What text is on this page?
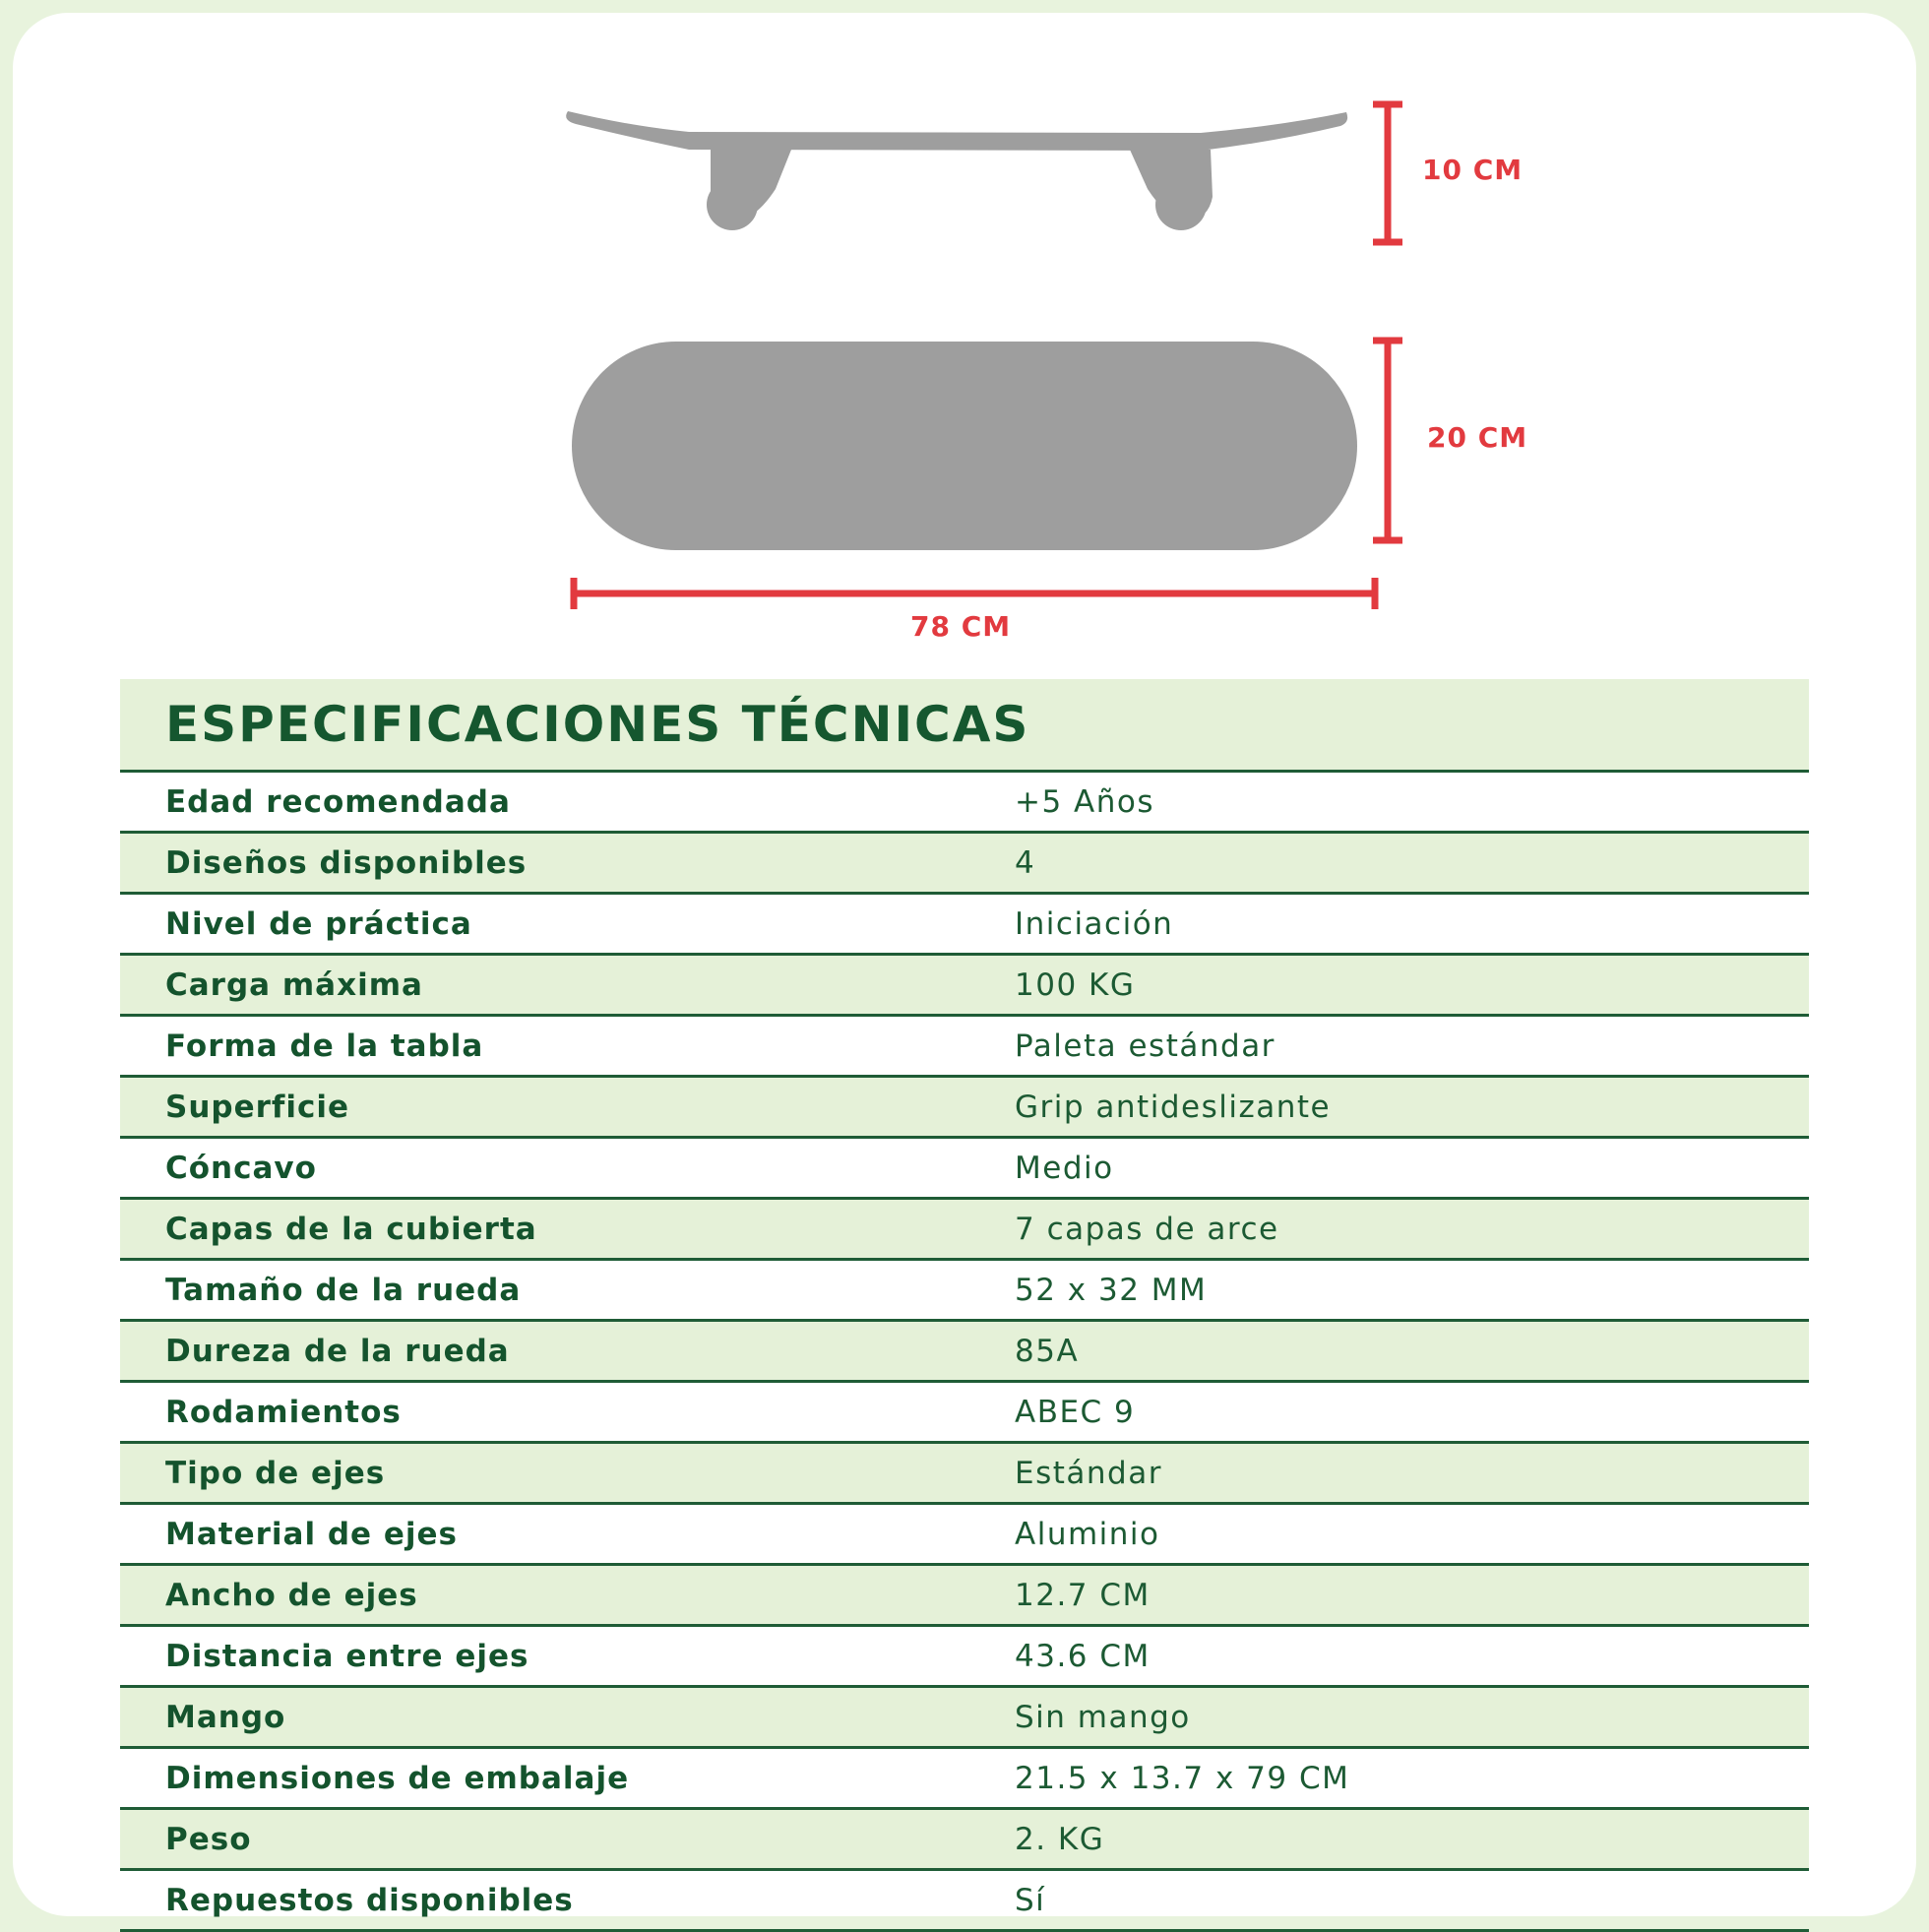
10 CM
20 CM
78 CM
ESPECIFICACIONES TÉCNICAS
Edad recomendada	+5 Años
Diseños disponibles	4
Nivel de práctica	Iniciación
Carga máxima	100 KG
Forma de la tabla	Paleta estándar
Superficie	Grip antideslizante
Cóncavo	Medio
Capas de la cubierta	7 capas de arce
Tamaño de la rueda	52 x 32 MM
Dureza de la rueda	85A
Rodamientos	ABEC 9
Tipo de ejes	Estándar
Material de ejes	Aluminio
Ancho de ejes	12.7 CM
Distancia entre ejes	43.6 CM
Mango	Sin mango
Dimensiones de embalaje	21.5 x 13.7 x 79 CM
Peso	2. KG
Repuestos disponibles	Sí
